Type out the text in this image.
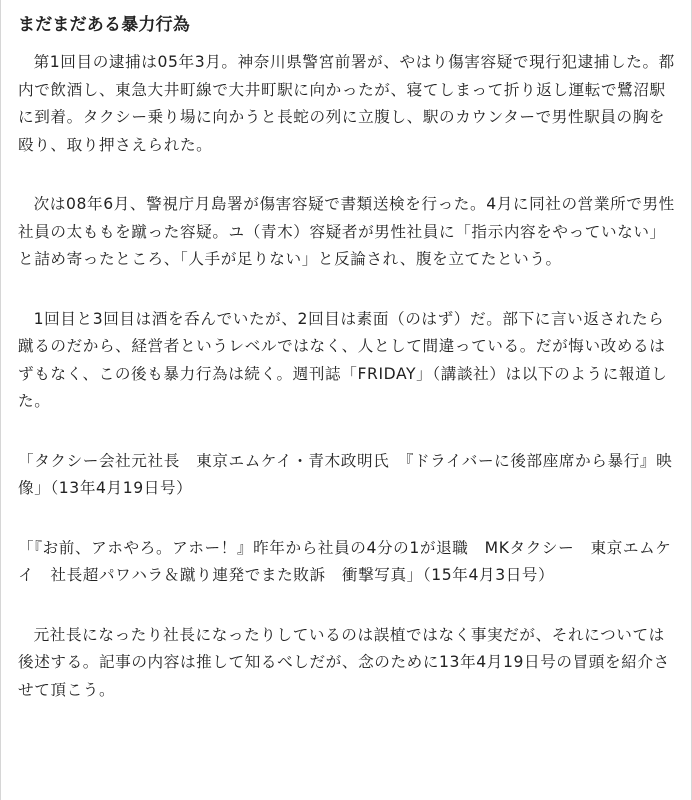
まだまだある暴力行為

第1回目の逮捕は05年3月。神奈川県警宮前署が、やはり傷害容疑で現行犯逮捕した。都内で飲酒し、東急大井町線で大井町駅に向かったが、寝てしまって折り返し運転で鷺沼駅に到着。タクシー乗り場に向かうと長蛇の列に立腹し、駅のカウンターで男性駅員の胸を殴り、取り押さえられた。

次は08年6月、警視庁月島署が傷害容疑で書類送検を行った。4月に同社の営業所で男性社員の太ももを蹴った容疑。ユ（青木）容疑者が男性社員に「指示内容をやっていない」と詰め寄ったところ、「人手が足りない」と反論され、腹を立てたという。

1回目と3回目は酒を呑んでいたが、2回目は素面（のはず）だ。部下に言い返されたら蹴るのだから、経営者というレベルではなく、人として間違っている。だが悔い改めるはずもなく、この後も暴力行為は続く。週刊誌「FRIDAY」（講談社）は以下のように報道した。

「タクシー会社元社長　東京エムケイ・青木政明氏　『ドライバーに後部座席から暴行』映像」（13年4月19日号）

「『お前、アホやろ。アホー！』昨年から社員の4分の1が退職　MKタクシー　東京エムケイ　社長超パワハラ＆蹴り連発でまた敗訴　衝撃写真」（15年4月3日号）

元社長になったり社長になったりしているのは誤植ではなく事実だが、それについては後述する。記事の内容は推して知るべしだが、念のために13年4月19日号の冒頭を紹介させて頂こう。
